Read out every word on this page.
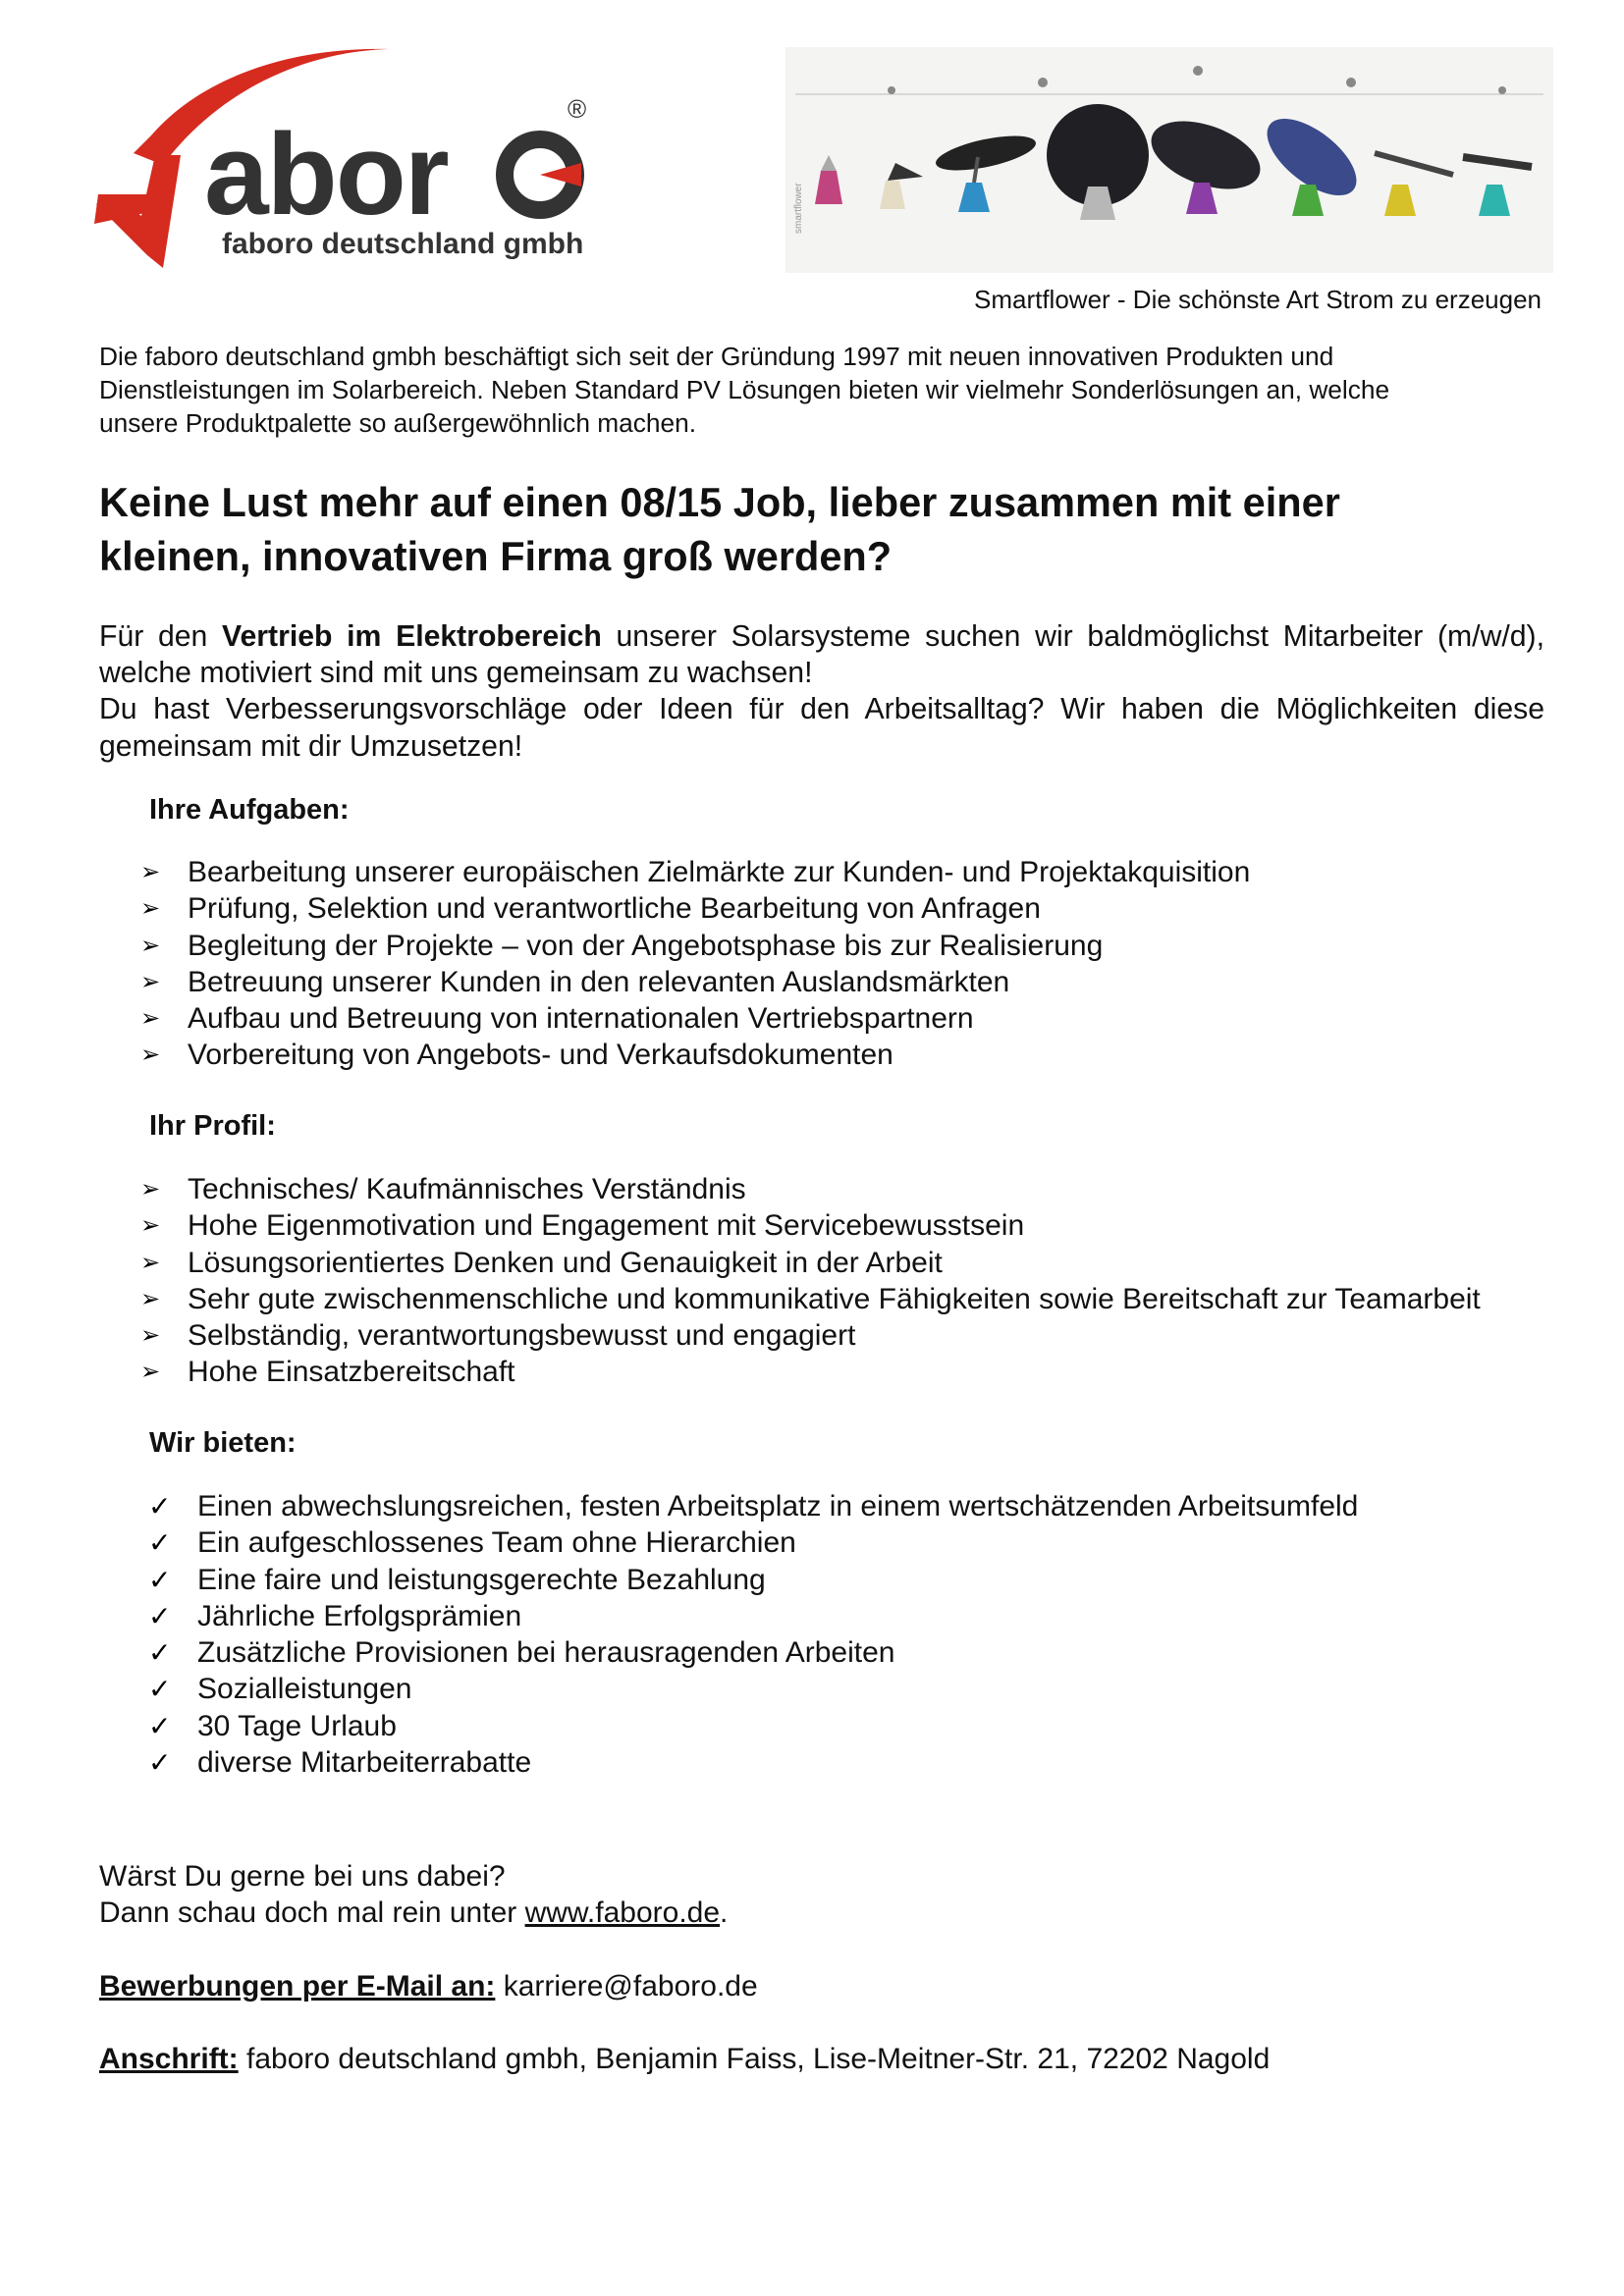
abor
®
faboro deutschland gmbh
smartflower
Smartflower - Die schönste Art Strom zu erzeugen
Die faboro deutschland gmbh beschäftigt sich seit der Gründung 1997 mit neuen innovativen Produkten und
Dienstleistungen im Solarbereich. Neben Standard PV Lösungen bieten wir vielmehr Sonderlösungen an, welche
unsere Produktpalette so außergewöhnlich machen.
Keine Lust mehr auf einen 08/15 Job, lieber zusammen mit einer
kleinen, innovativen Firma groß werden?
Für den Vertrieb im Elektrobereich unserer Solarsysteme suchen wir baldmöglichst Mitarbeiter (m/w/d),
welche motiviert sind mit uns gemeinsam zu wachsen!
Du hast Verbesserungsvorschläge oder Ideen für den Arbeitsalltag? Wir haben die Möglichkeiten diese
gemeinsam mit dir Umzusetzen!
Ihre Aufgaben:
➢ Bearbeitung unserer europäischen Zielmärkte zur Kunden- und Projektakquisition
➢ Prüfung, Selektion und verantwortliche Bearbeitung von Anfragen
➢ Begleitung der Projekte – von der Angebotsphase bis zur Realisierung
➢ Betreuung unserer Kunden in den relevanten Auslandsmärkten
➢ Aufbau und Betreuung von internationalen Vertriebspartnern
➢ Vorbereitung von Angebots- und Verkaufsdokumenten
Ihr Profil:
➢ Technisches/ Kaufmännisches Verständnis
➢ Hohe Eigenmotivation und Engagement mit Servicebewusstsein
➢ Lösungsorientiertes Denken und Genauigkeit in der Arbeit
➢ Sehr gute zwischenmenschliche und kommunikative Fähigkeiten sowie Bereitschaft zur Teamarbeit
➢ Selbständig, verantwortungsbewusst und engagiert
➢ Hohe Einsatzbereitschaft
Wir bieten:
✓ Einen abwechslungsreichen, festen Arbeitsplatz in einem wertschätzenden Arbeitsumfeld
✓ Ein aufgeschlossenes Team ohne Hierarchien
✓ Eine faire und leistungsgerechte Bezahlung
✓ Jährliche Erfolgsprämien
✓ Zusätzliche Provisionen bei herausragenden Arbeiten
✓ Sozialleistungen
✓ 30 Tage Urlaub
✓ diverse Mitarbeiterrabatte
Wärst Du gerne bei uns dabei?
Dann schau doch mal rein unter www.faboro.de.
Bewerbungen per E-Mail an: karriere@faboro.de
Anschrift: faboro deutschland gmbh, Benjamin Faiss, Lise-Meitner-Str. 21, 72202 Nagold
